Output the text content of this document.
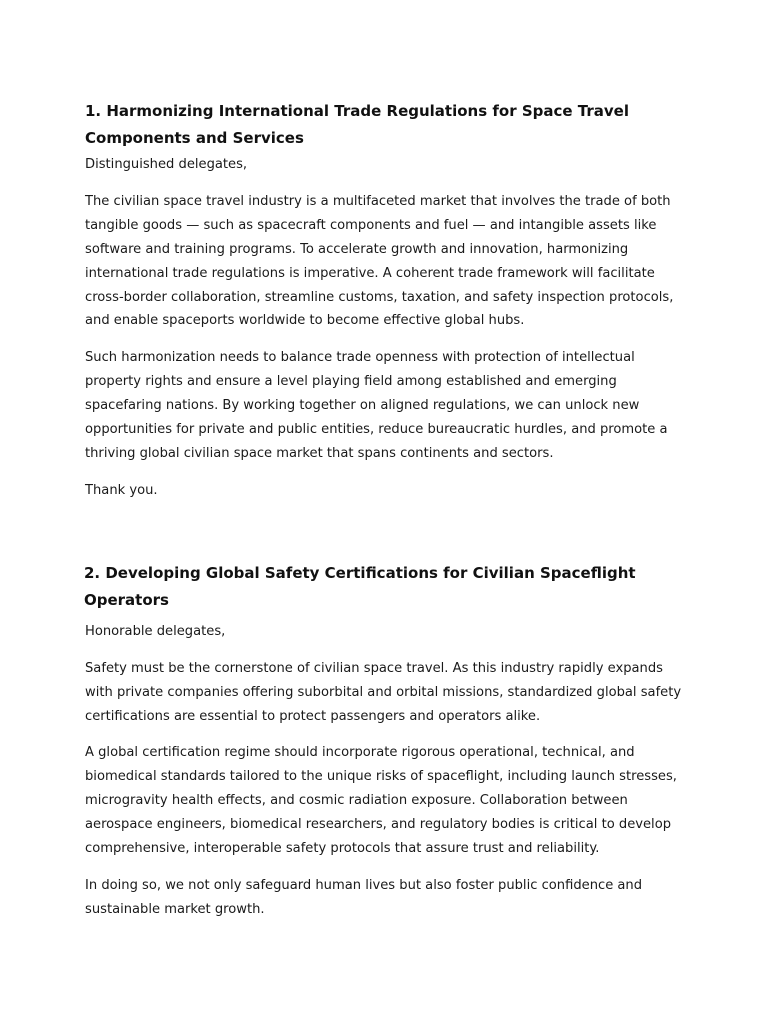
1. Harmonizing International Trade Regulations for Space Travel Components and Services

Distinguished delegates,

The civilian space travel industry is a multifaceted market that involves the trade of both tangible goods — such as spacecraft components and fuel — and intangible assets like software and training programs. To accelerate growth and innovation, harmonizing international trade regulations is imperative. A coherent trade framework will facilitate cross-border collaboration, streamline customs, taxation, and safety inspection protocols, and enable spaceports worldwide to become effective global hubs.

Such harmonization needs to balance trade openness with protection of intellectual property rights and ensure a level playing field among established and emerging spacefaring nations. By working together on aligned regulations, we can unlock new opportunities for private and public entities, reduce bureaucratic hurdles, and promote a thriving global civilian space market that spans continents and sectors.

Thank you.

2. Developing Global Safety Certifications for Civilian Spaceflight Operators

Honorable delegates,

Safety must be the cornerstone of civilian space travel. As this industry rapidly expands with private companies offering suborbital and orbital missions, standardized global safety certifications are essential to protect passengers and operators alike.

A global certification regime should incorporate rigorous operational, technical, and biomedical standards tailored to the unique risks of spaceflight, including launch stresses, microgravity health effects, and cosmic radiation exposure. Collaboration between aerospace engineers, biomedical researchers, and regulatory bodies is critical to develop comprehensive, interoperable safety protocols that assure trust and reliability.

In doing so, we not only safeguard human lives but also foster public confidence and sustainable market growth.
